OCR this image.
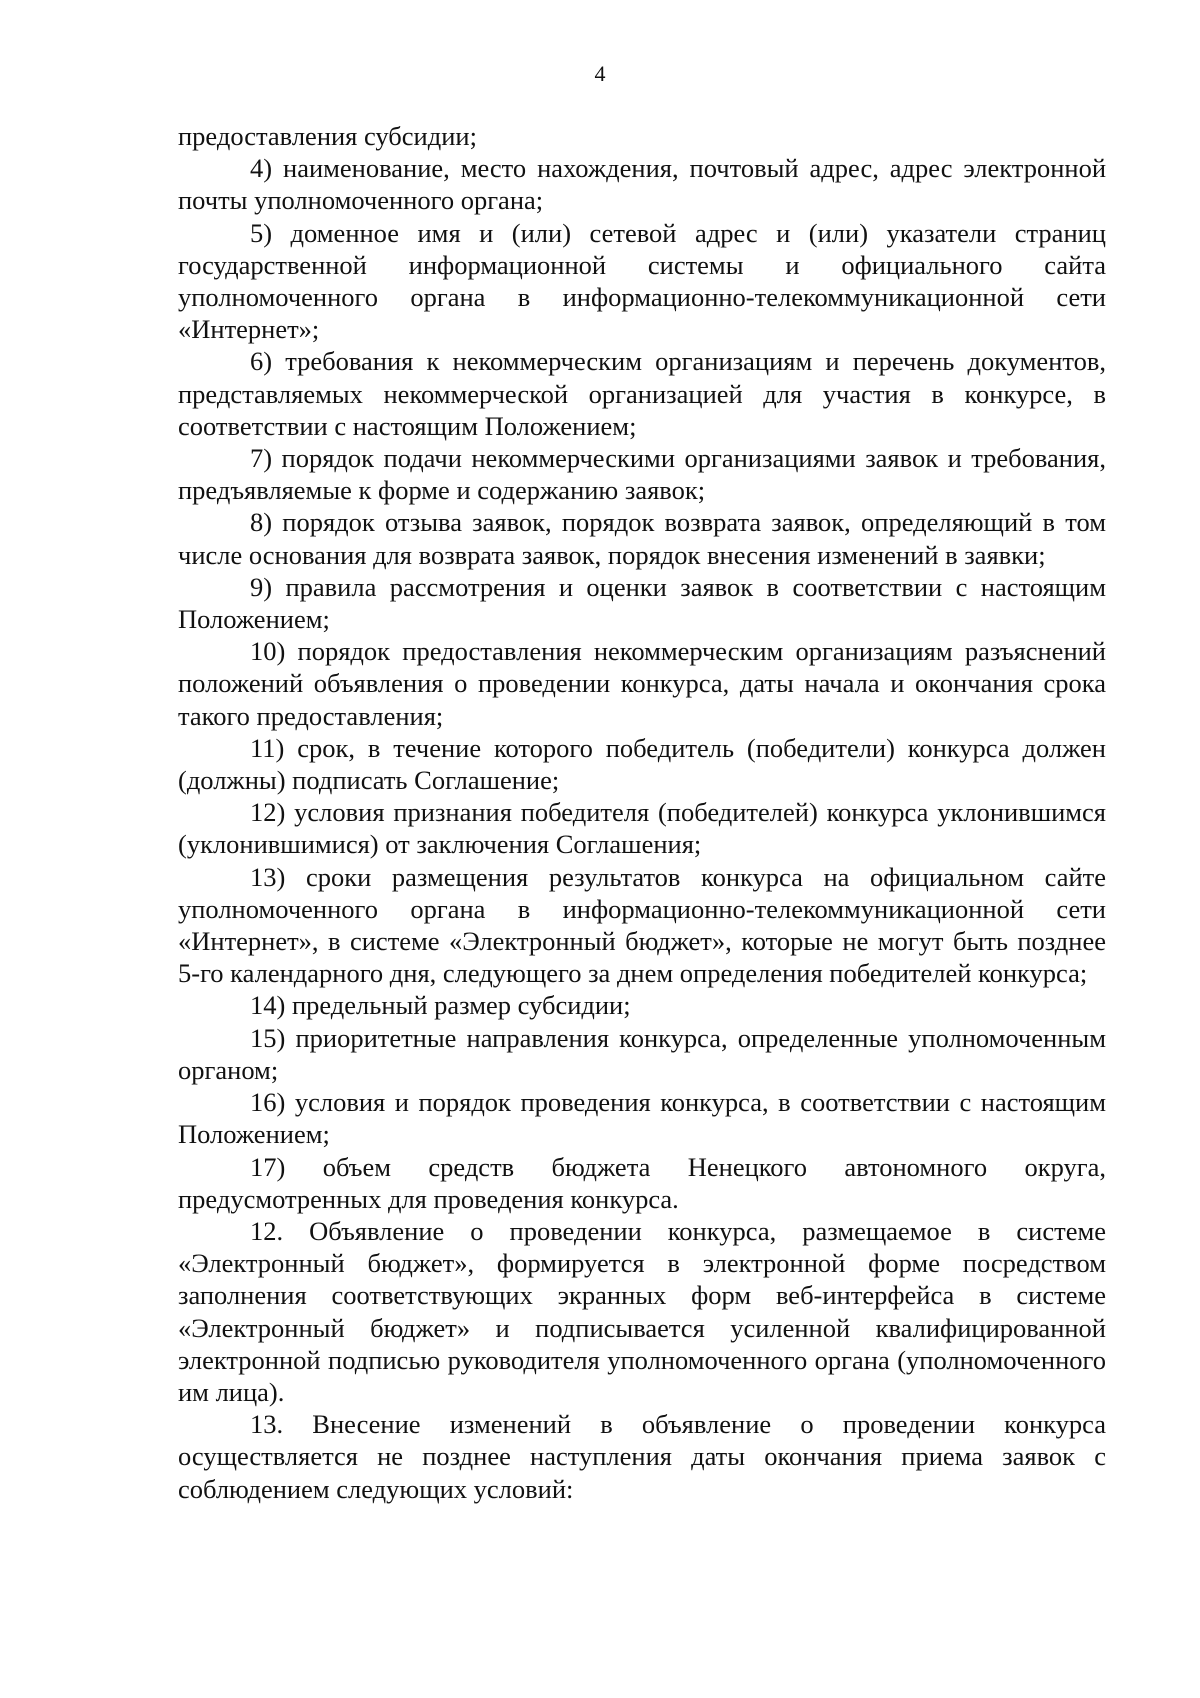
4

предоставления субсидии;

4) наименование, место нахождения, почтовый адрес, адрес электронной почты уполномоченного органа;

5) доменное имя и (или) сетевой адрес и (или) указатели страниц государственной информационной системы и официального сайта уполномоченного органа в информационно-телекоммуникационной сети «Интернет»;

6) требования к некоммерческим организациям и перечень документов, представляемых некоммерческой организацией для участия в конкурсе, в соответствии с настоящим Положением;

7) порядок подачи некоммерческими организациями заявок и требования, предъявляемые к форме и содержанию заявок;

8) порядок отзыва заявок, порядок возврата заявок, определяющий в том числе основания для возврата заявок, порядок внесения изменений в заявки;

9) правила рассмотрения и оценки заявок в соответствии с настоящим Положением;

10) порядок предоставления некоммерческим организациям разъяснений положений объявления о проведении конкурса, даты начала и окончания срока такого предоставления;

11) срок, в течение которого победитель (победители) конкурса должен (должны) подписать Соглашение;

12) условия признания победителя (победителей) конкурса уклонившимся (уклонившимися) от заключения Соглашения;

13) сроки размещения результатов конкурса на официальном сайте уполномоченного органа в информационно-телекоммуникационной сети «Интернет», в системе «Электронный бюджет», которые не могут быть позднее 5-го календарного дня, следующего за днем определения победителей конкурса;

14) предельный размер субсидии;

15) приоритетные направления конкурса, определенные уполномоченным органом;

16) условия и порядок проведения конкурса, в соответствии с настоящим Положением;

17) объем средств бюджета Ненецкого автономного округа, предусмотренных для проведения конкурса.

12. Объявление о проведении конкурса, размещаемое в системе «Электронный бюджет», формируется в электронной форме посредством заполнения соответствующих экранных форм веб-интерфейса в системе «Электронный бюджет» и подписывается усиленной квалифицированной электронной подписью руководителя уполномоченного органа (уполномоченного им лица).

13. Внесение изменений в объявление о проведении конкурса осуществляется не позднее наступления даты окончания приема заявок с соблюдением следующих условий:
